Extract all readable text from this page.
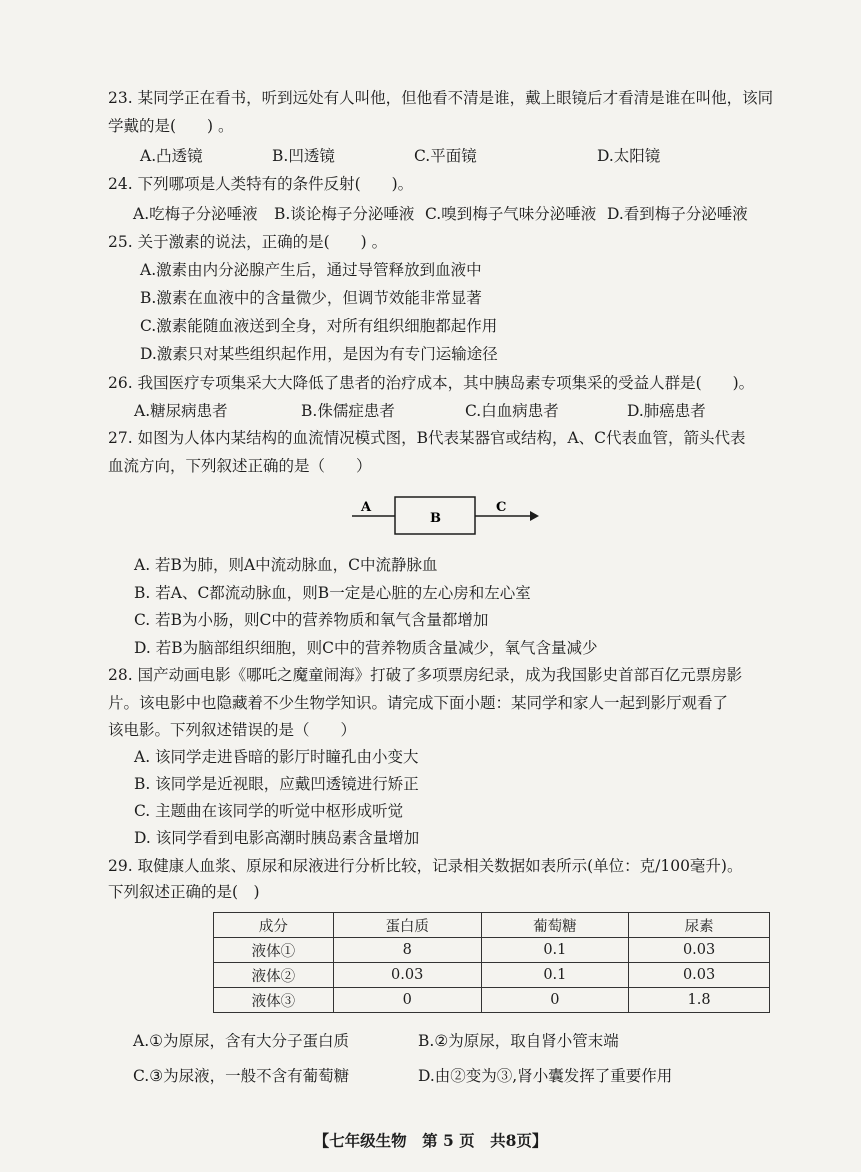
23. 某同学正在看书，听到远处有人叫他，但他看不清是谁，戴上眼镜后才看清是谁在叫他，该同
学戴的是(　　) 。
A.凸透镜	B.凹透镜	C.平面镜	D.太阳镜
24. 下列哪项是人类特有的条件反射(　　)。
A.吃梅子分泌唾液 B.谈论梅子分泌唾液 C.嗅到梅子气味分泌唾液 D.看到梅子分泌唾液
25. 关于激素的说法，正确的是(　　) 。
A.激素由内分泌腺产生后，通过导管释放到血液中
B.激素在血液中的含量微少，但调节效能非常显著
C.激素能随血液送到全身，对所有组织细胞都起作用
D.激素只对某些组织起作用，是因为有专门运输途径
26. 我国医疗专项集采大大降低了患者的治疗成本，其中胰岛素专项集采的受益人群是(　　)。
A.糖尿病患者	B.侏儒症患者	C.白血病患者	D.肺癌患者
27. 如图为人体内某结构的血流情况模式图，B代表某器官或结构，A、C代表血管，箭头代表
血流方向，下列叙述正确的是（　　）
A
B
C
A. 若B为肺，则A中流动脉血，C中流静脉血
B. 若A、C都流动脉血，则B一定是心脏的左心房和左心室
C. 若B为小肠，则C中的营养物质和氧气含量都增加
D. 若B为脑部组织细胞，则C中的营养物质含量减少，氧气含量减少
28. 国产动画电影《哪吒之魔童闹海》打破了多项票房纪录，成为我国影史首部百亿元票房影
片。该电影中也隐藏着不少生物学知识。请完成下面小题：某同学和家人一起到影厅观看了
该电影。下列叙述错误的是（　　）
A. 该同学走进昏暗的影厅时瞳孔由小变大
B. 该同学是近视眼，应戴凹透镜进行矫正
C. 主题曲在该同学的听觉中枢形成听觉
D. 该同学看到电影高潮时胰岛素含量增加
29. 取健康人血浆、原尿和尿液进行分析比较，记录相关数据如表所示(单位：克/100毫升)。
下列叙述正确的是(　)
成分	蛋白质	葡萄糖	尿素
液体①	8	0.1	0.03
液体②	0.03	0.1	0.03
液体③	0	0	1.8
A.①为原尿，含有大分子蛋白质	B.②为原尿，取自肾小管末端
C.③为尿液，一般不含有葡萄糖	D.由②变为③,肾小囊发挥了重要作用
【七年级生物　第 5 页　共8页】
